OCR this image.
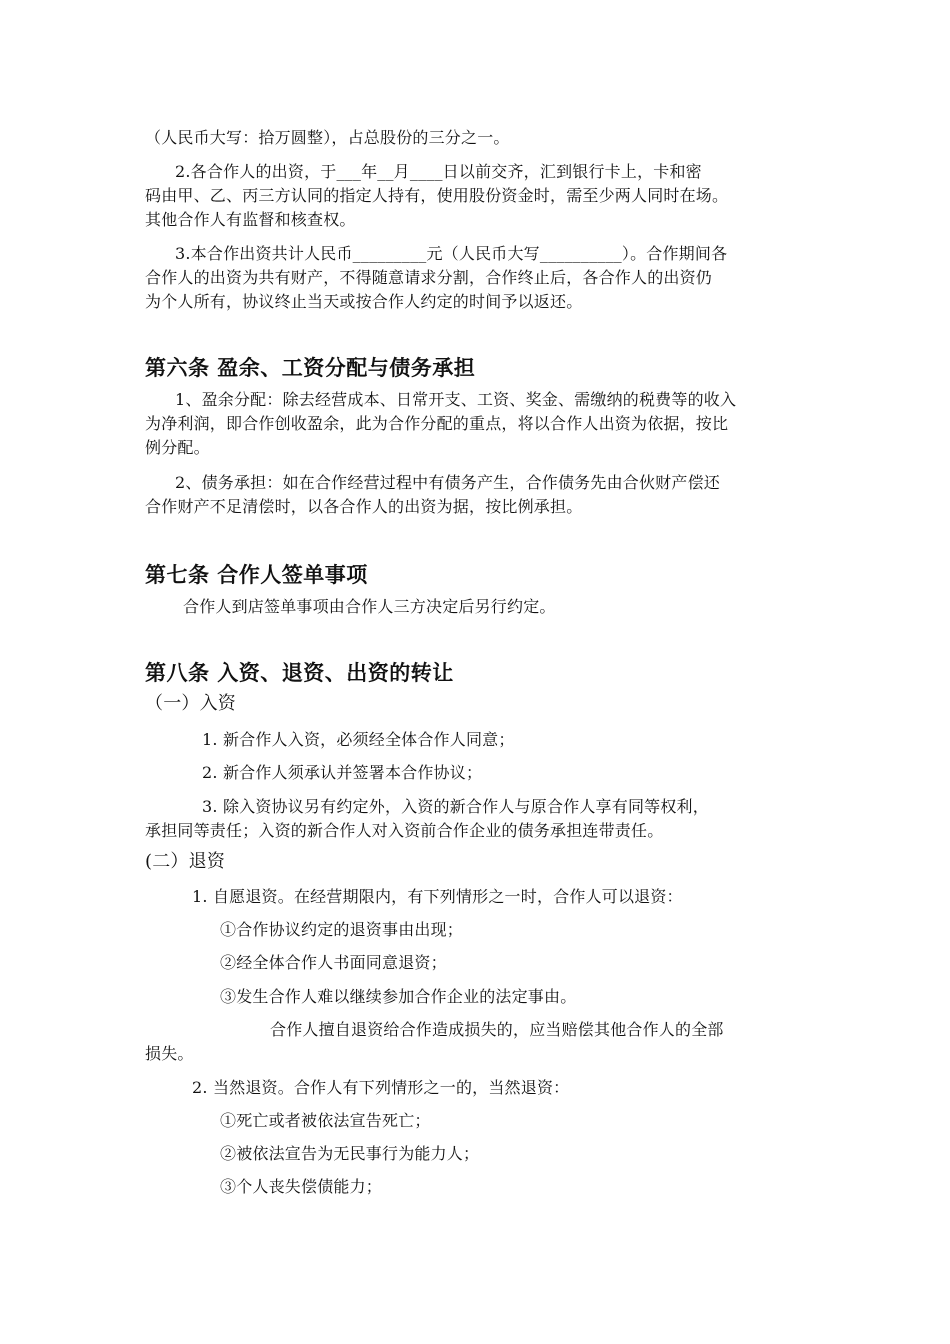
（人民币大写：拾万圆整），占总股份的三分之一。
2.各合作人的出资，于___年__月____日以前交齐，汇到银行卡上，卡和密
码由甲、乙、丙三方认同的指定人持有，使用股份资金时，需至少两人同时在场。
其他合作人有监督和核查权。
3.本合作出资共计人民币_________元（人民币大写__________）。合作期间各
合作人的出资为共有财产，不得随意请求分割，合作终止后，各合作人的出资仍
为个人所有，协议终止当天或按合作人约定的时间予以返还。
第六条 盈余、工资分配与债务承担
1、盈余分配：除去经营成本、日常开支、工资、奖金、需缴纳的税费等的收入
为净利润，即合作创收盈余，此为合作分配的重点，将以合作人出资为依据，按比
例分配。
2、债务承担：如在合作经营过程中有债务产生，合作债务先由合伙财产偿还
合作财产不足清偿时，以各合作人的出资为据，按比例承担。
第七条 合作人签单事项
合作人到店签单事项由合作人三方决定后另行约定。
第八条 入资、退资、出资的转让
（一）入资
1. 新合作人入资，必须经全体合作人同意；
2. 新合作人须承认并签署本合作协议；
3. 除入资协议另有约定外，入资的新合作人与原合作人享有同等权利，
承担同等责任；入资的新合作人对入资前合作企业的债务承担连带责任。
(二）退资
1. 自愿退资。在经营期限内，有下列情形之一时，合作人可以退资：
①合作协议约定的退资事由出现；
②经全体合作人书面同意退资；
③发生合作人难以继续参加合作企业的法定事由。
合作人擅自退资给合作造成损失的，应当赔偿其他合作人的全部
损失。
2. 当然退资。合作人有下列情形之一的，当然退资：
①死亡或者被依法宣告死亡；
②被依法宣告为无民事行为能力人；
③个人丧失偿债能力；
